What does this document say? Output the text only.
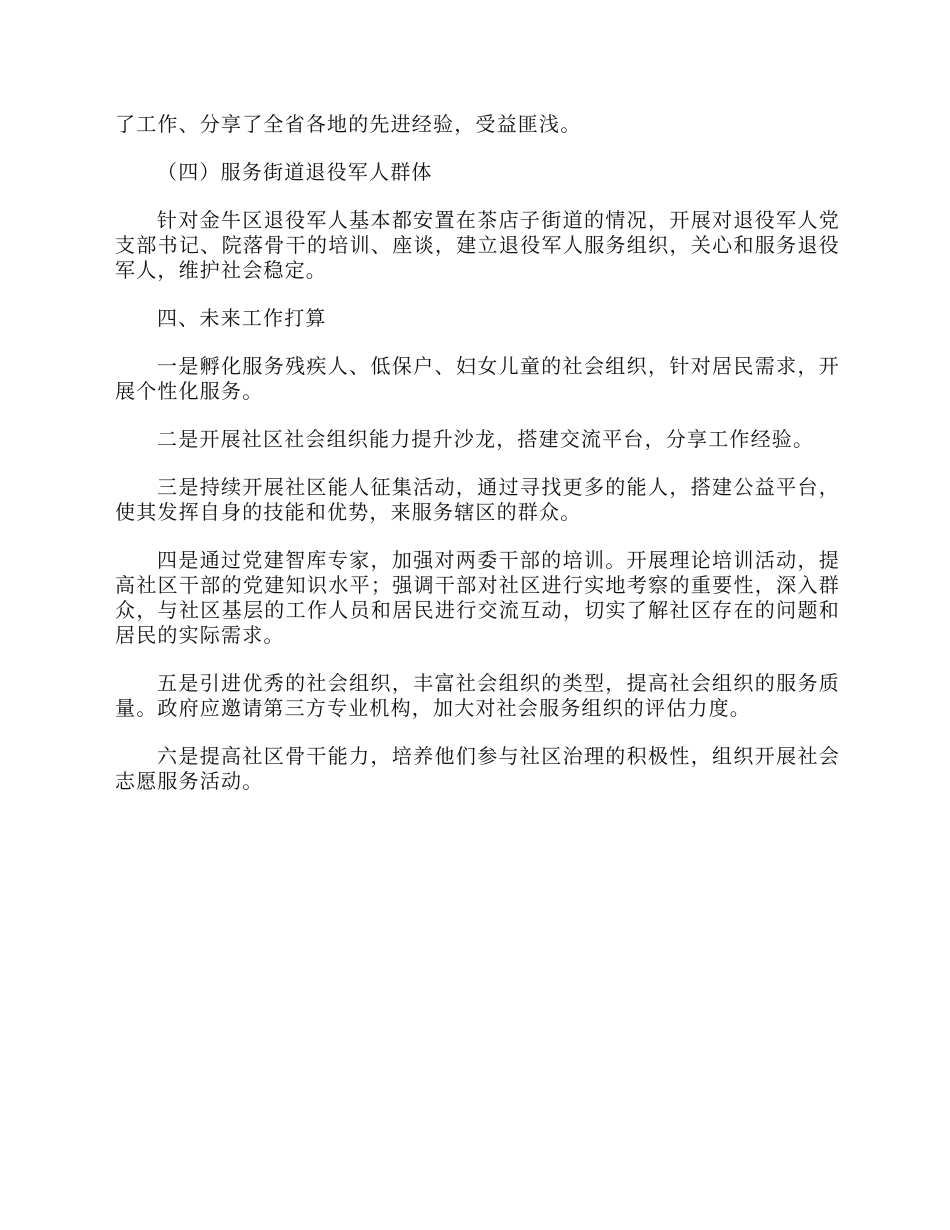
了工作、分享了全省各地的先进经验，受益匪浅。

（四）服务街道退役军人群体

针对金牛区退役军人基本都安置在茶店子街道的情况，开展对退役军人党支部书记、院落骨干的培训、座谈，建立退役军人服务组织，关心和服务退役军人，维护社会稳定。

四、未来工作打算

一是孵化服务残疾人、低保户、妇女儿童的社会组织，针对居民需求，开展个性化服务。

二是开展社区社会组织能力提升沙龙，搭建交流平台，分享工作经验。

三是持续开展社区能人征集活动，通过寻找更多的能人，搭建公益平台，使其发挥自身的技能和优势，来服务辖区的群众。

四是通过党建智库专家，加强对两委干部的培训。开展理论培训活动，提高社区干部的党建知识水平；强调干部对社区进行实地考察的重要性，深入群众，与社区基层的工作人员和居民进行交流互动，切实了解社区存在的问题和居民的实际需求。

五是引进优秀的社会组织，丰富社会组织的类型，提高社会组织的服务质量。政府应邀请第三方专业机构，加大对社会服务组织的评估力度。

六是提高社区骨干能力，培养他们参与社区治理的积极性，组织开展社会志愿服务活动。
